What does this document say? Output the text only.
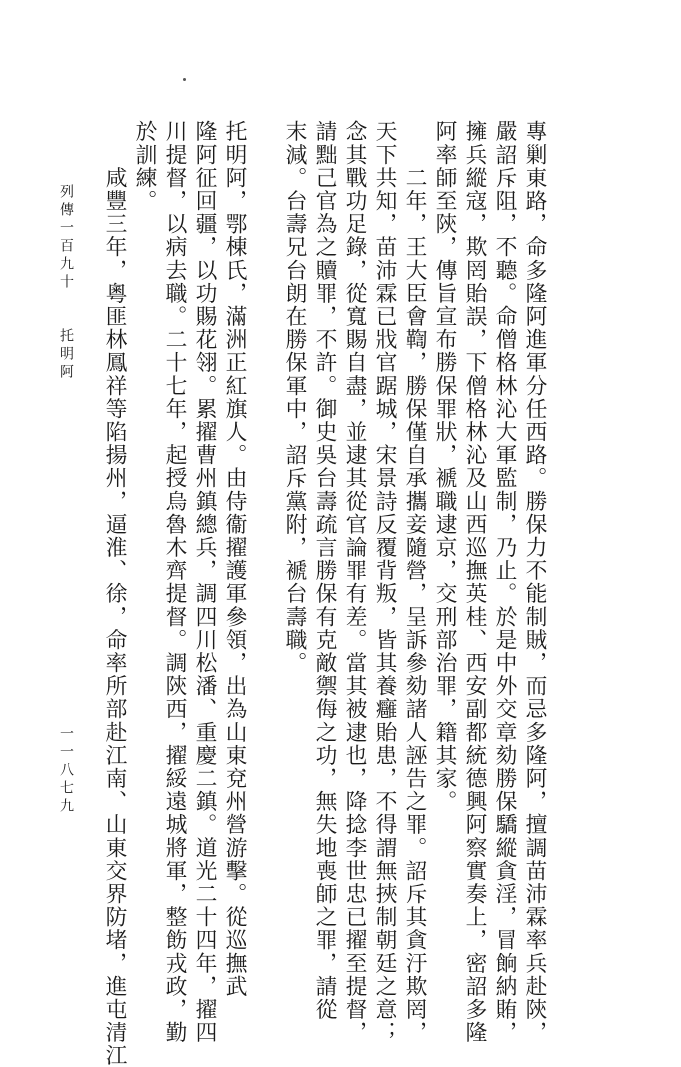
專剿東路，命多隆阿進軍分任西路。勝保力不能制賊，而忌多隆阿，擅調苗沛霖率兵赴陝，
嚴詔斥阻，不聽。命僧格林沁大軍監制，乃止。於是中外交章劾勝保驕縱貪淫，冒餉納賄，
擁兵縱寇，欺罔貽誤，下僧格林沁及山西巡撫英桂、西安副都統德興阿察實奏上，密詔多隆
阿率師至陝，傳旨宣布勝保罪狀，褫職逮京，交刑部治罪，籍其家。
　　二年，王大臣會鞫，勝保僅自承攜妾隨營，呈訴參劾諸人誣告之罪。詔斥其貪汙欺罔，
天下共知，苗沛霖已戕官踞城，宋景詩反覆背叛，皆其養癰貽患，不得謂無挾制朝廷之意；
念其戰功足錄，從寬賜自盡，並逮其從官論罪有差。當其被逮也，降捻李世忠已擢至提督，
請黜己官為之贖罪，不許。御史吳台壽疏言勝保有克敵禦侮之功，無失地喪師之罪，請從
末減。台壽兄台朗在勝保軍中，詔斥黨附，褫台壽職。
托明阿，鄂棟氏，滿洲正紅旗人。由侍衞擢護軍參領，出為山東兗州營游擊。從巡撫武
隆阿征回疆，以功賜花翎。累擢曹州鎮總兵，調四川松潘、重慶二鎮。道光二十四年，擢四
川提督，以病去職。二十七年，起授烏魯木齊提督。調陝西，擢綏遠城將軍，整飭戎政，勤
於訓練。
　　咸豐三年，粵匪林鳳祥等陷揚州，逼淮、徐，命率所部赴江南、山東交界防堵，進屯清江
列傳一百九十　　托明阿
一一八七九
